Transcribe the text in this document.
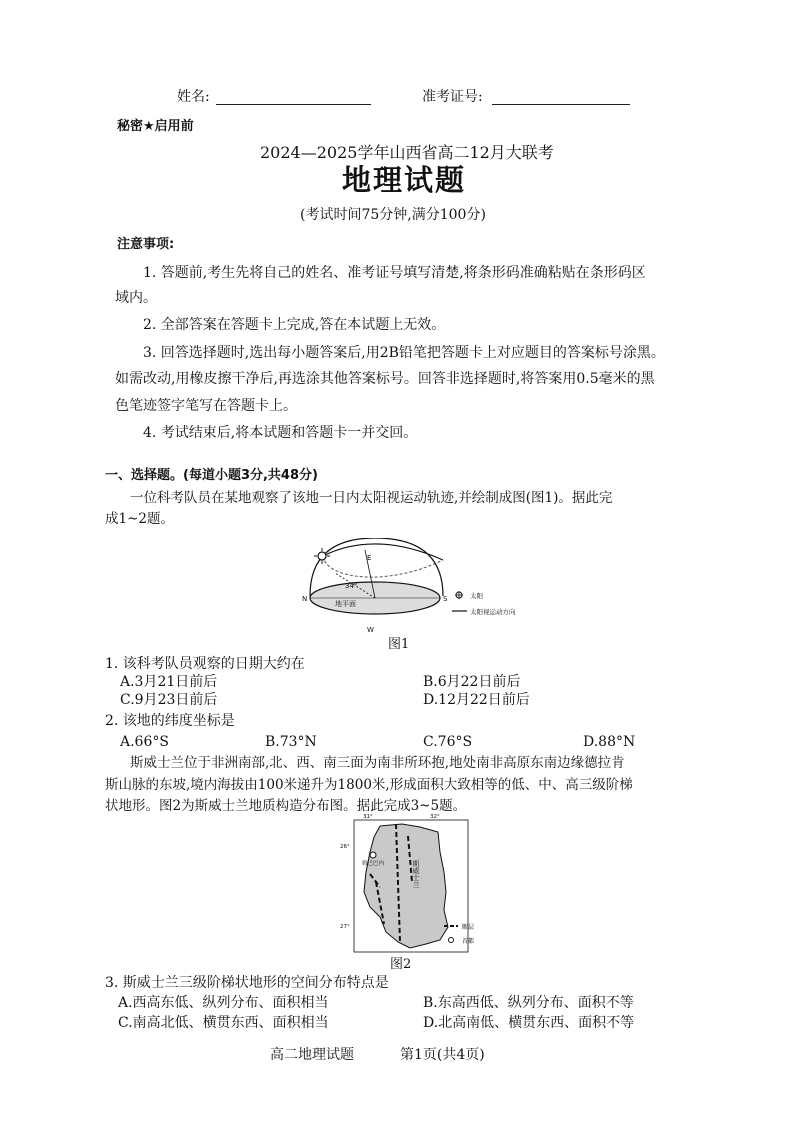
姓名:	准考证号:
秘密★启用前
2024—2025学年山西省高二12月大联考
地理试题
(考试时间75分钟,满分100分)
注意事项:
1. 答题前,考生先将自己的姓名、准考证号填写清楚,将条形码准确粘贴在条形码区
域内。
2. 全部答案在答题卡上完成,答在本试题上无效。
3. 回答选择题时,选出每小题答案后,用2B铅笔把答题卡上对应题目的答案标号涂黑。
如需改动,用橡皮擦干净后,再选涂其他答案标号。回答非选择题时,将答案用0.5毫米的黑
色笔迹签字笔写在答题卡上。
4. 考试结束后,将本试题和答题卡一并交回。
一、选择题。(每道小题3分,共48分)
一位科考队员在某地观察了该地一日内太阳视运动轨迹,并绘制成图(图1)。据此完
成1~2题。
N	S
E
W
34°
地平面
太阳
太阳视运动方向
图1
1. 该科考队员观察的日期大约在
A.3月21日前后	B.6月22日前后
C.9月23日前后	D.12月22日前后
2. 该地的纬度坐标是
A.66°S	B.73°N	C.76°S	D.88°N
斯威士兰位于非洲南部,北、西、南三面为南非所环抱,地处南非高原东南边缘德拉肯
斯山脉的东坡,境内海拔由100米递升为1800米,形成面积大致相等的低、中、高三级阶梯
状地形。图2为斯威士兰地质构造分布图。据此完成3~5题。
31°	32°
26°
27°
姆巴巴内	斯威士兰
断层
首都
图2
3. 斯威士兰三级阶梯状地形的空间分布特点是
A.西高东低、纵列分布、面积相当	B.东高西低、纵列分布、面积不等
C.南高北低、横贯东西、面积相当	D.北高南低、横贯东西、面积不等
高二地理试题	第1页(共4页)
